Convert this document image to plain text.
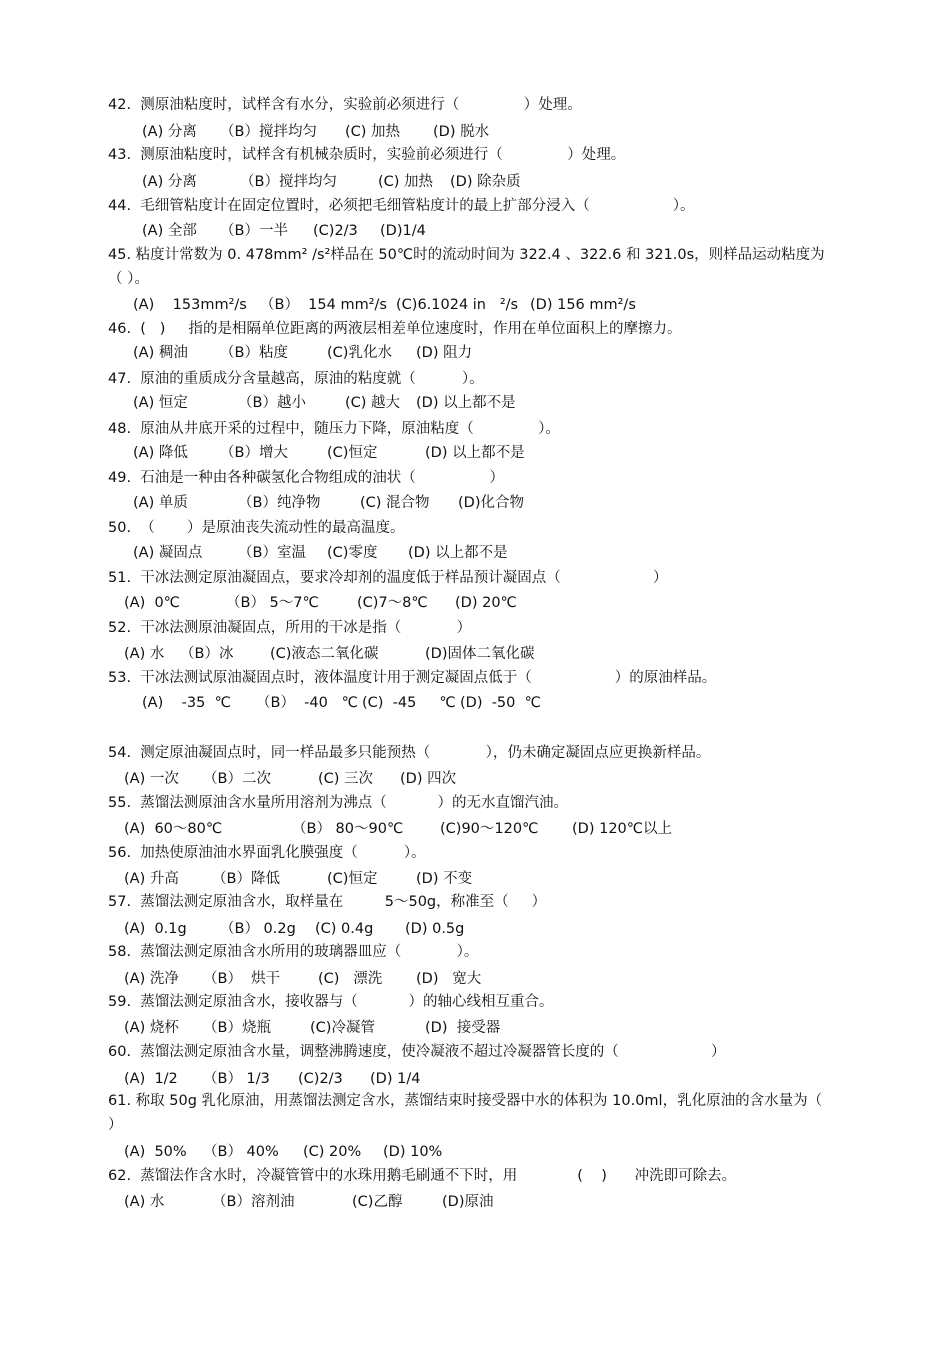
42.  测原油粘度时，试样含有水分，实验前必须进行（              ）处理。
(A) 分离 （B）搅拌均匀 (C) 加热 (D) 脱水
43.  测原油粘度时，试样含有机械杂质时，实验前必须进行（              ）处理。
(A) 分离	（B）搅拌均匀	(C) 加热 (D) 除杂质
44.  毛细管粘度计在固定位置时，必须把毛细管粘度计的最上扩部分浸入（                  ）。
(A) 全部 （B）一半 (C)2/3 (D)1/4
45. 粘度计常数为 0. 478mm² /s²样品在 50℃时的流动时间为 322.4 、322.6 和 321.0s，则样品运动粘度为（ ）。
(A)    153mm²/s （B）  154 mm²/s (C)6.1024 in   ²/s (D) 156 mm²/s
46.  (   )     指的是相隔单位距离的两液层相差单位速度时，作用在单位面积上的摩擦力。
(A) 稠油 （B）粘度	(C)乳化水 (D) 阻力
47.  原油的重质成分含量越高，原油的粘度就（          ）。
(A) 恒定	（B）越小	(C) 越大 (D) 以上都不是
48.  原油从井底开采的过程中，随压力下降，原油粘度（              ）。
(A) 降低 （B）增大	(C)恒定	(D) 以上都不是
49.  石油是一种由各种碳氢化合物组成的油状（                ）
(A) 单质	（B）纯净物	(C) 混合物 (D)化合物
50.  （       ）是原油丧失流动性的最高温度。
(A) 凝固点 （B）室温 (C)零度 (D) 以上都不是
51.  干冰法测定原油凝固点，要求冷却剂的温度低于样品预计凝固点（                    ）
(A)  0℃	（B） 5～7℃	(C)7～8℃ (D) 20℃
52.  干冰法测原油凝固点，所用的干冰是指（            ）
(A) 水 （B）冰	(C)液态二氧化碳	(D)固体二氧化碳
53.  干冰法测试原油凝固点时，液体温度计用于测定凝固点低于（                  ）的原油样品。
(A)    -35  ℃ （B）  -40   ℃ (C)  -45     ℃ (D)  -50  ℃
54.  测定原油凝固点时，同一样品最多只能预热（            ），仍未确定凝固点应更换新样品。
(A) 一次 （B）二次	(C) 三次 (D) 四次
55.  蒸馏法测原油含水量所用溶剂为沸点（           ）的无水直馏汽油。
(A)  60～80℃	（B） 80～90℃	(C)90～120℃ (D) 120℃以上
56.  加热使原油油水界面乳化膜强度（          ）。
(A) 升高 （B）降低	(C)恒定	(D) 不变
57.  蒸馏法测定原油含水，取样量在         5～50g，称准至（     ）
(A)  0.1g （B） 0.2g (C) 0.4g (D) 0.5g
58.  蒸馏法测定原油含水所用的玻璃器皿应（            ）。
(A) 洗净 （B）  烘干	(C)   漂洗 (D)   宽大
59.  蒸馏法测定原油含水，接收器与（           ）的轴心线相互重合。
(A) 烧杯 （B）烧瓶	(C)冷凝管	(D)  接受器
60.  蒸馏法测定原油含水量，调整沸腾速度，使冷凝液不超过冷凝器管长度的（                    ）
(A)  1/2 （B） 1/3 (C)2/3 (D) 1/4
61. 称取 50g 乳化原油，用蒸馏法测定含水，蒸馏结束时接受器中水的体积为 10.0ml，乳化原油的含水量为（ ）
(A)  50% （B） 40% (C) 20% (D) 10%
62.  蒸馏法作含水时，冷凝管管中的水珠用鹅毛刷通不下时，用             (    )      冲洗即可除去。
(A) 水	（B）溶剂油	(C)乙醇	(D)原油
